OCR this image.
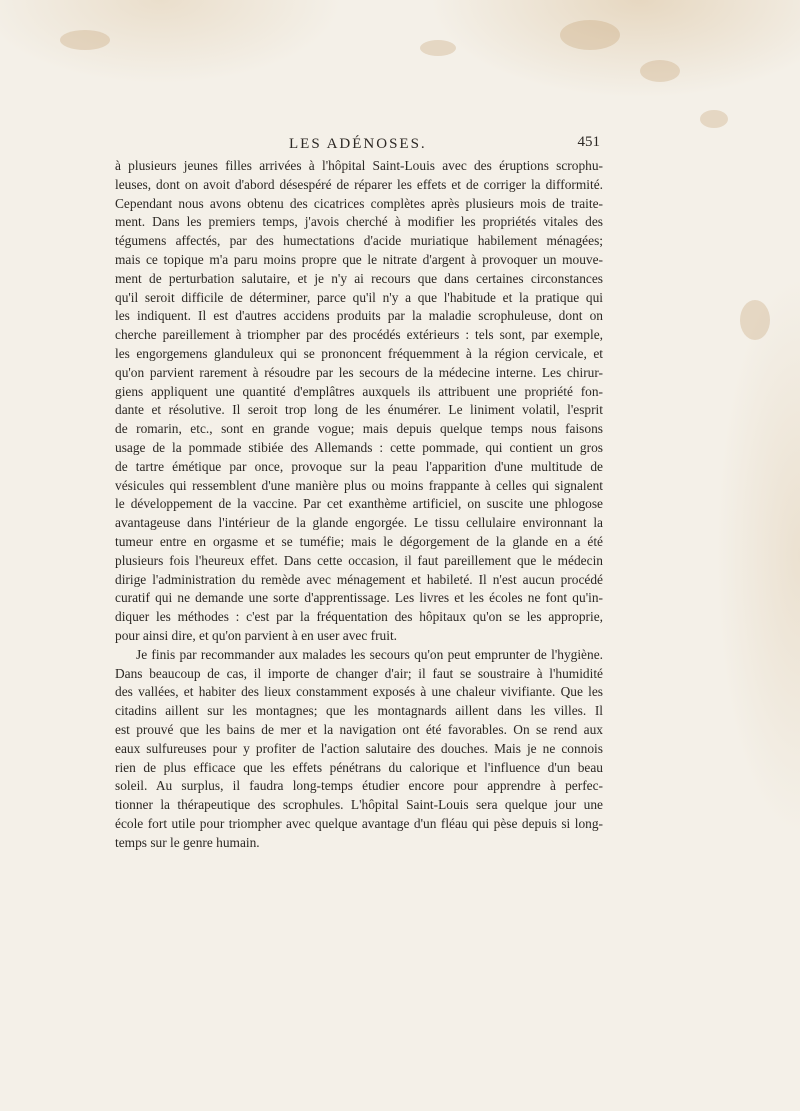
LES ADÉNOSES.	451
à plusieurs jeunes filles arrivées à l'hôpital Saint-Louis avec des éruptions scrophu-
leuses, dont on avoit d'abord désespéré de réparer les effets et de corriger la difformité.
Cependant nous avons obtenu des cicatrices complètes après plusieurs mois de traite-
ment. Dans les premiers temps, j'avois cherché à modifier les propriétés vitales des
tégumens affectés, par des humectations d'acide muriatique habilement ménagées;
mais ce topique m'a paru moins propre que le nitrate d'argent à provoquer un mouve-
ment de perturbation salutaire, et je n'y ai recours que dans certaines circonstances
qu'il seroit difficile de déterminer, parce qu'il n'y a que l'habitude et la pratique qui
les indiquent. Il est d'autres accidens produits par la maladie scrophuleuse, dont on
cherche pareillement à triompher par des procédés extérieurs : tels sont, par exemple,
les engorgemens glanduleux qui se prononcent fréquemment à la région cervicale, et
qu'on parvient rarement à résoudre par les secours de la médecine interne. Les chirur-
giens appliquent une quantité d'emplâtres auxquels ils attribuent une propriété fon-
dante et résolutive. Il seroit trop long de les énumérer. Le liniment volatil, l'esprit
de romarin, etc., sont en grande vogue; mais depuis quelque temps nous faisons
usage de la pommade stibiée des Allemands : cette pommade, qui contient un gros
de tartre émétique par once, provoque sur la peau l'apparition d'une multitude de
vésicules qui ressemblent d'une manière plus ou moins frappante à celles qui signalent
le développement de la vaccine. Par cet exanthème artificiel, on suscite une phlogose
avantageuse dans l'intérieur de la glande engorgée. Le tissu cellulaire environnant la
tumeur entre en orgasme et se tuméfie; mais le dégorgement de la glande en a été
plusieurs fois l'heureux effet. Dans cette occasion, il faut pareillement que le médecin
dirige l'administration du remède avec ménagement et habileté. Il n'est aucun procédé
curatif qui ne demande une sorte d'apprentissage. Les livres et les écoles ne font qu'in-
diquer les méthodes : c'est par la fréquentation des hôpitaux qu'on se les approprie,
pour ainsi dire, et qu'on parvient à en user avec fruit.
Je finis par recommander aux malades les secours qu'on peut emprunter de l'hygiène.
Dans beaucoup de cas, il importe de changer d'air; il faut se soustraire à l'humidité
des vallées, et habiter des lieux constamment exposés à une chaleur vivifiante. Que les
citadins aillent sur les montagnes; que les montagnards aillent dans les villes. Il
est prouvé que les bains de mer et la navigation ont été favorables. On se rend aux
eaux sulfureuses pour y profiter de l'action salutaire des douches. Mais je ne connois
rien de plus efficace que les effets pénétrans du calorique et l'influence d'un beau
soleil. Au surplus, il faudra long-temps étudier encore pour apprendre à perfec-
tionner la thérapeutique des scrophules. L'hôpital Saint-Louis sera quelque jour une
école fort utile pour triompher avec quelque avantage d'un fléau qui pèse depuis si long-
temps sur le genre humain.
